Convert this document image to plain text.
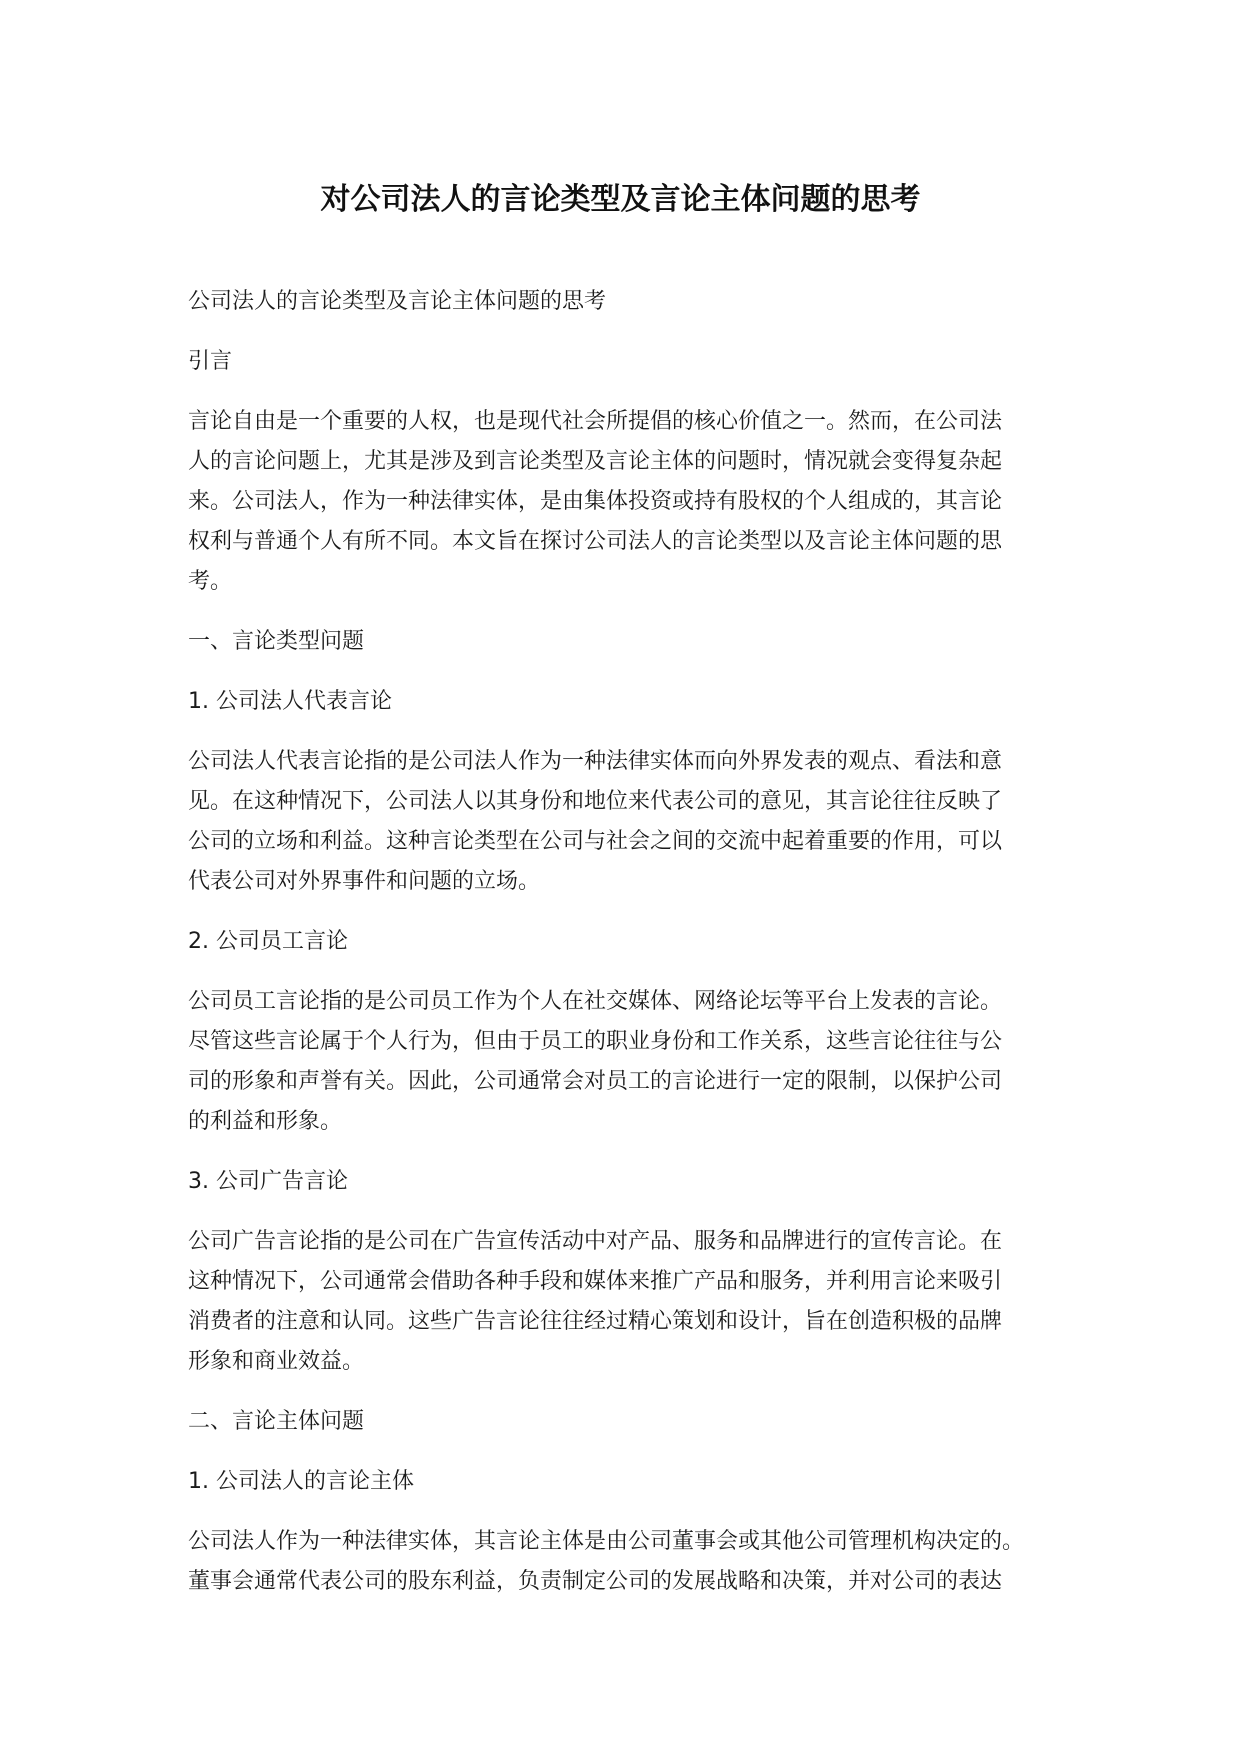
对公司法人的言论类型及言论主体问题的思考

公司法人的言论类型及言论主体问题的思考

引言

言论自由是一个重要的人权，也是现代社会所提倡的核心价值之一。然而，在公司法
人的言论问题上，尤其是涉及到言论类型及言论主体的问题时，情况就会变得复杂起
来。公司法人，作为一种法律实体，是由集体投资或持有股权的个人组成的，其言论
权利与普通个人有所不同。本文旨在探讨公司法人的言论类型以及言论主体问题的思
考。

一、言论类型问题

1. 公司法人代表言论

公司法人代表言论指的是公司法人作为一种法律实体而向外界发表的观点、看法和意
见。在这种情况下，公司法人以其身份和地位来代表公司的意见，其言论往往反映了
公司的立场和利益。这种言论类型在公司与社会之间的交流中起着重要的作用，可以
代表公司对外界事件和问题的立场。

2. 公司员工言论

公司员工言论指的是公司员工作为个人在社交媒体、网络论坛等平台上发表的言论。
尽管这些言论属于个人行为，但由于员工的职业身份和工作关系，这些言论往往与公
司的形象和声誉有关。因此，公司通常会对员工的言论进行一定的限制，以保护公司
的利益和形象。

3. 公司广告言论

公司广告言论指的是公司在广告宣传活动中对产品、服务和品牌进行的宣传言论。在
这种情况下，公司通常会借助各种手段和媒体来推广产品和服务，并利用言论来吸引
消费者的注意和认同。这些广告言论往往经过精心策划和设计，旨在创造积极的品牌
形象和商业效益。

二、言论主体问题

1. 公司法人的言论主体

公司法人作为一种法律实体，其言论主体是由公司董事会或其他公司管理机构决定的。
董事会通常代表公司的股东利益，负责制定公司的发展战略和决策，并对公司的表达
